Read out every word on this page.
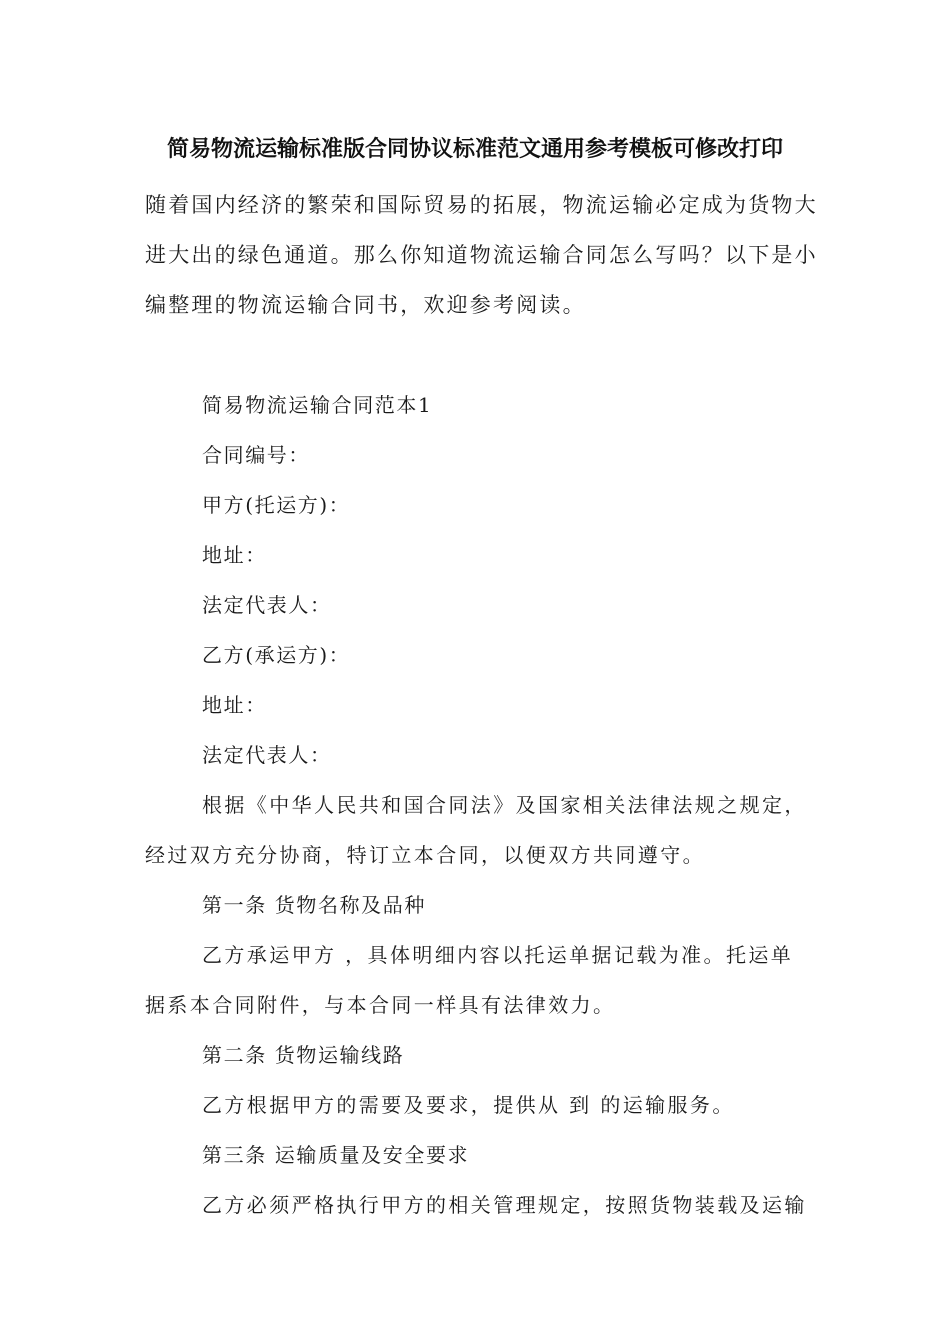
简易物流运输标准版合同协议标准范文通用参考模板可修改打印
随着国内经济的繁荣和国际贸易的拓展，物流运输必定成为货物大
进大出的绿色通道。那么你知道物流运输合同怎么写吗？以下是小
编整理的物流运输合同书，欢迎参考阅读。
简易物流运输合同范本1
合同编号：
甲方(托运方)：
地址：
法定代表人：
乙方(承运方)：
地址：
法定代表人：
根据《中华人民共和国合同法》及国家相关法律法规之规定，
经过双方充分协商，特订立本合同，以便双方共同遵守。
第一条 货物名称及品种
乙方承运甲方 ，具体明细内容以托运单据记载为准。托运单
据系本合同附件，与本合同一样具有法律效力。
第二条 货物运输线路
乙方根据甲方的需要及要求，提供从 到 的运输服务。
第三条 运输质量及安全要求
乙方必须严格执行甲方的相关管理规定，按照货物装载及运输
